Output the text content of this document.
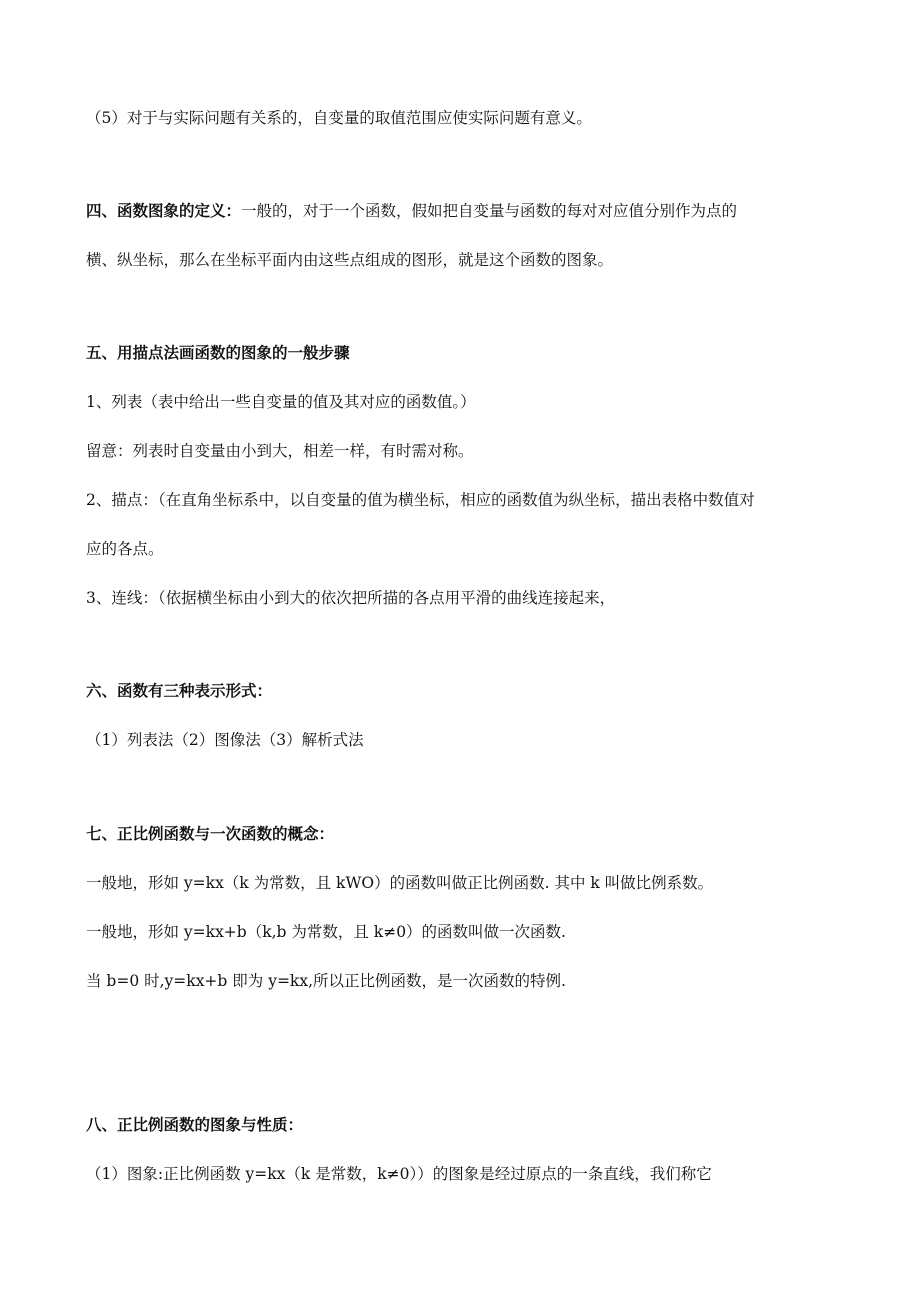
（5）对于与实际问题有关系的，自变量的取值范围应使实际问题有意义。
四、函数图象的定义：一般的，对于一个函数，假如把自变量与函数的每对对应值分别作为点的
横、纵坐标，那么在坐标平面内由这些点组成的图形，就是这个函数的图象。
五、用描点法画函数的图象的一般步骤
1、列表（表中给出一些自变量的值及其对应的函数值。）
留意：列表时自变量由小到大，相差一样，有时需对称。
2、描点：（在直角坐标系中，以自变量的值为横坐标，相应的函数值为纵坐标，描出表格中数值对
应的各点。
3、连线：（依据横坐标由小到大的依次把所描的各点用平滑的曲线连接起来，
六、函数有三种表示形式：
（1）列表法（2）图像法（3）解析式法
七、正比例函数与一次函数的概念：
一般地，形如 y=kx（k 为常数，且 kWO）的函数叫做正比例函数. 其中 k 叫做比例系数。
一般地，形如 y=kx+b（k,b 为常数，且 k≠0）的函数叫做一次函数.
当 b=0 时,y=kx+b 即为 y=kx,所以正比例函数，是一次函数的特例.
八、正比例函数的图象与性质：
（1）图象:正比例函数 y=kx（k 是常数，k≠0））的图象是经过原点的一条直线，我们称它
